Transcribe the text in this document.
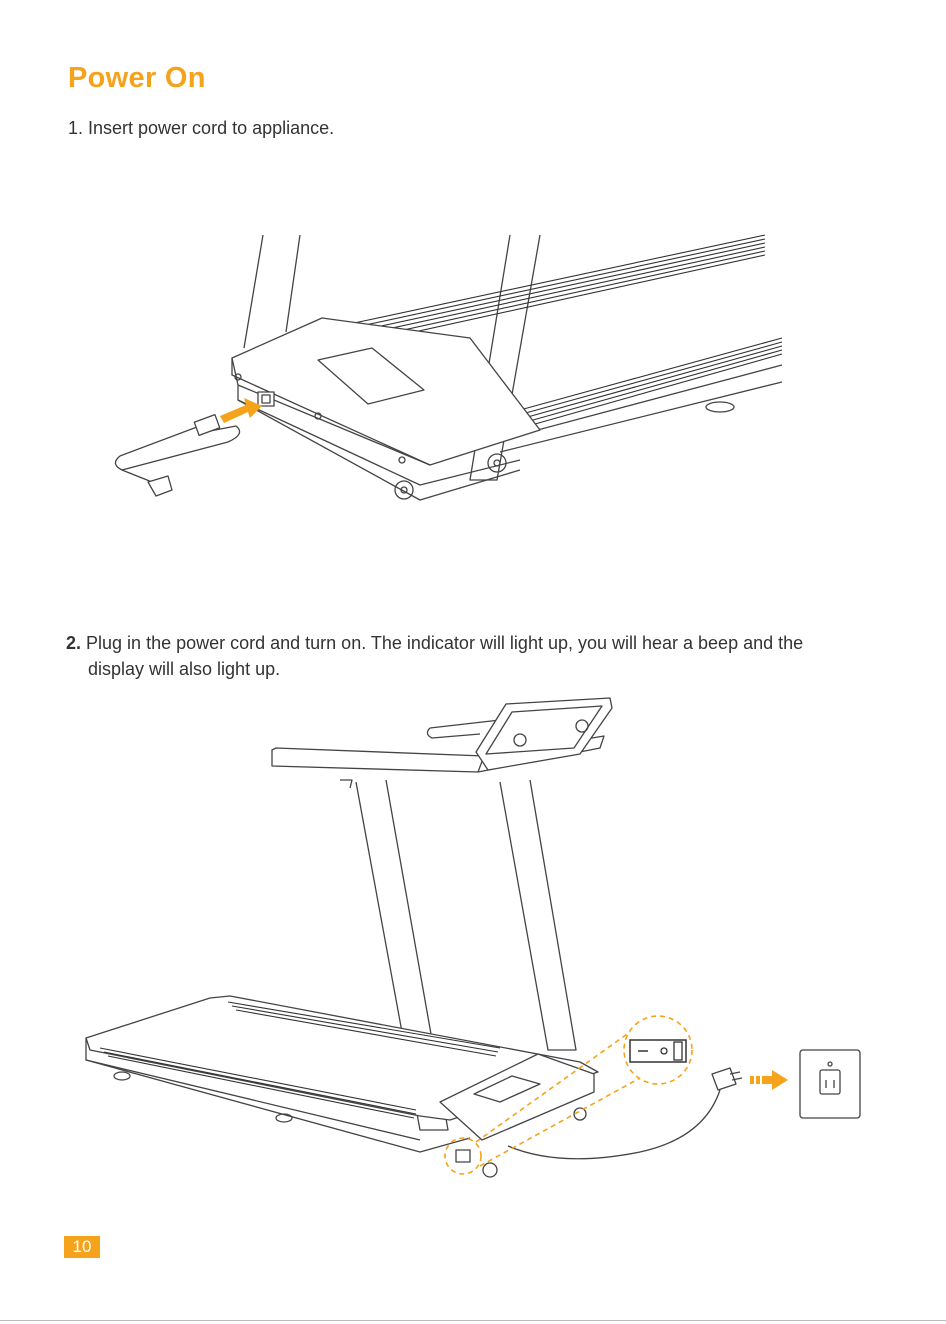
Power On
1. Insert power cord to appliance.
2. Plug in the power cord and turn on. The indicator will light up, you will hear a beep and the
display will also light up.
10
